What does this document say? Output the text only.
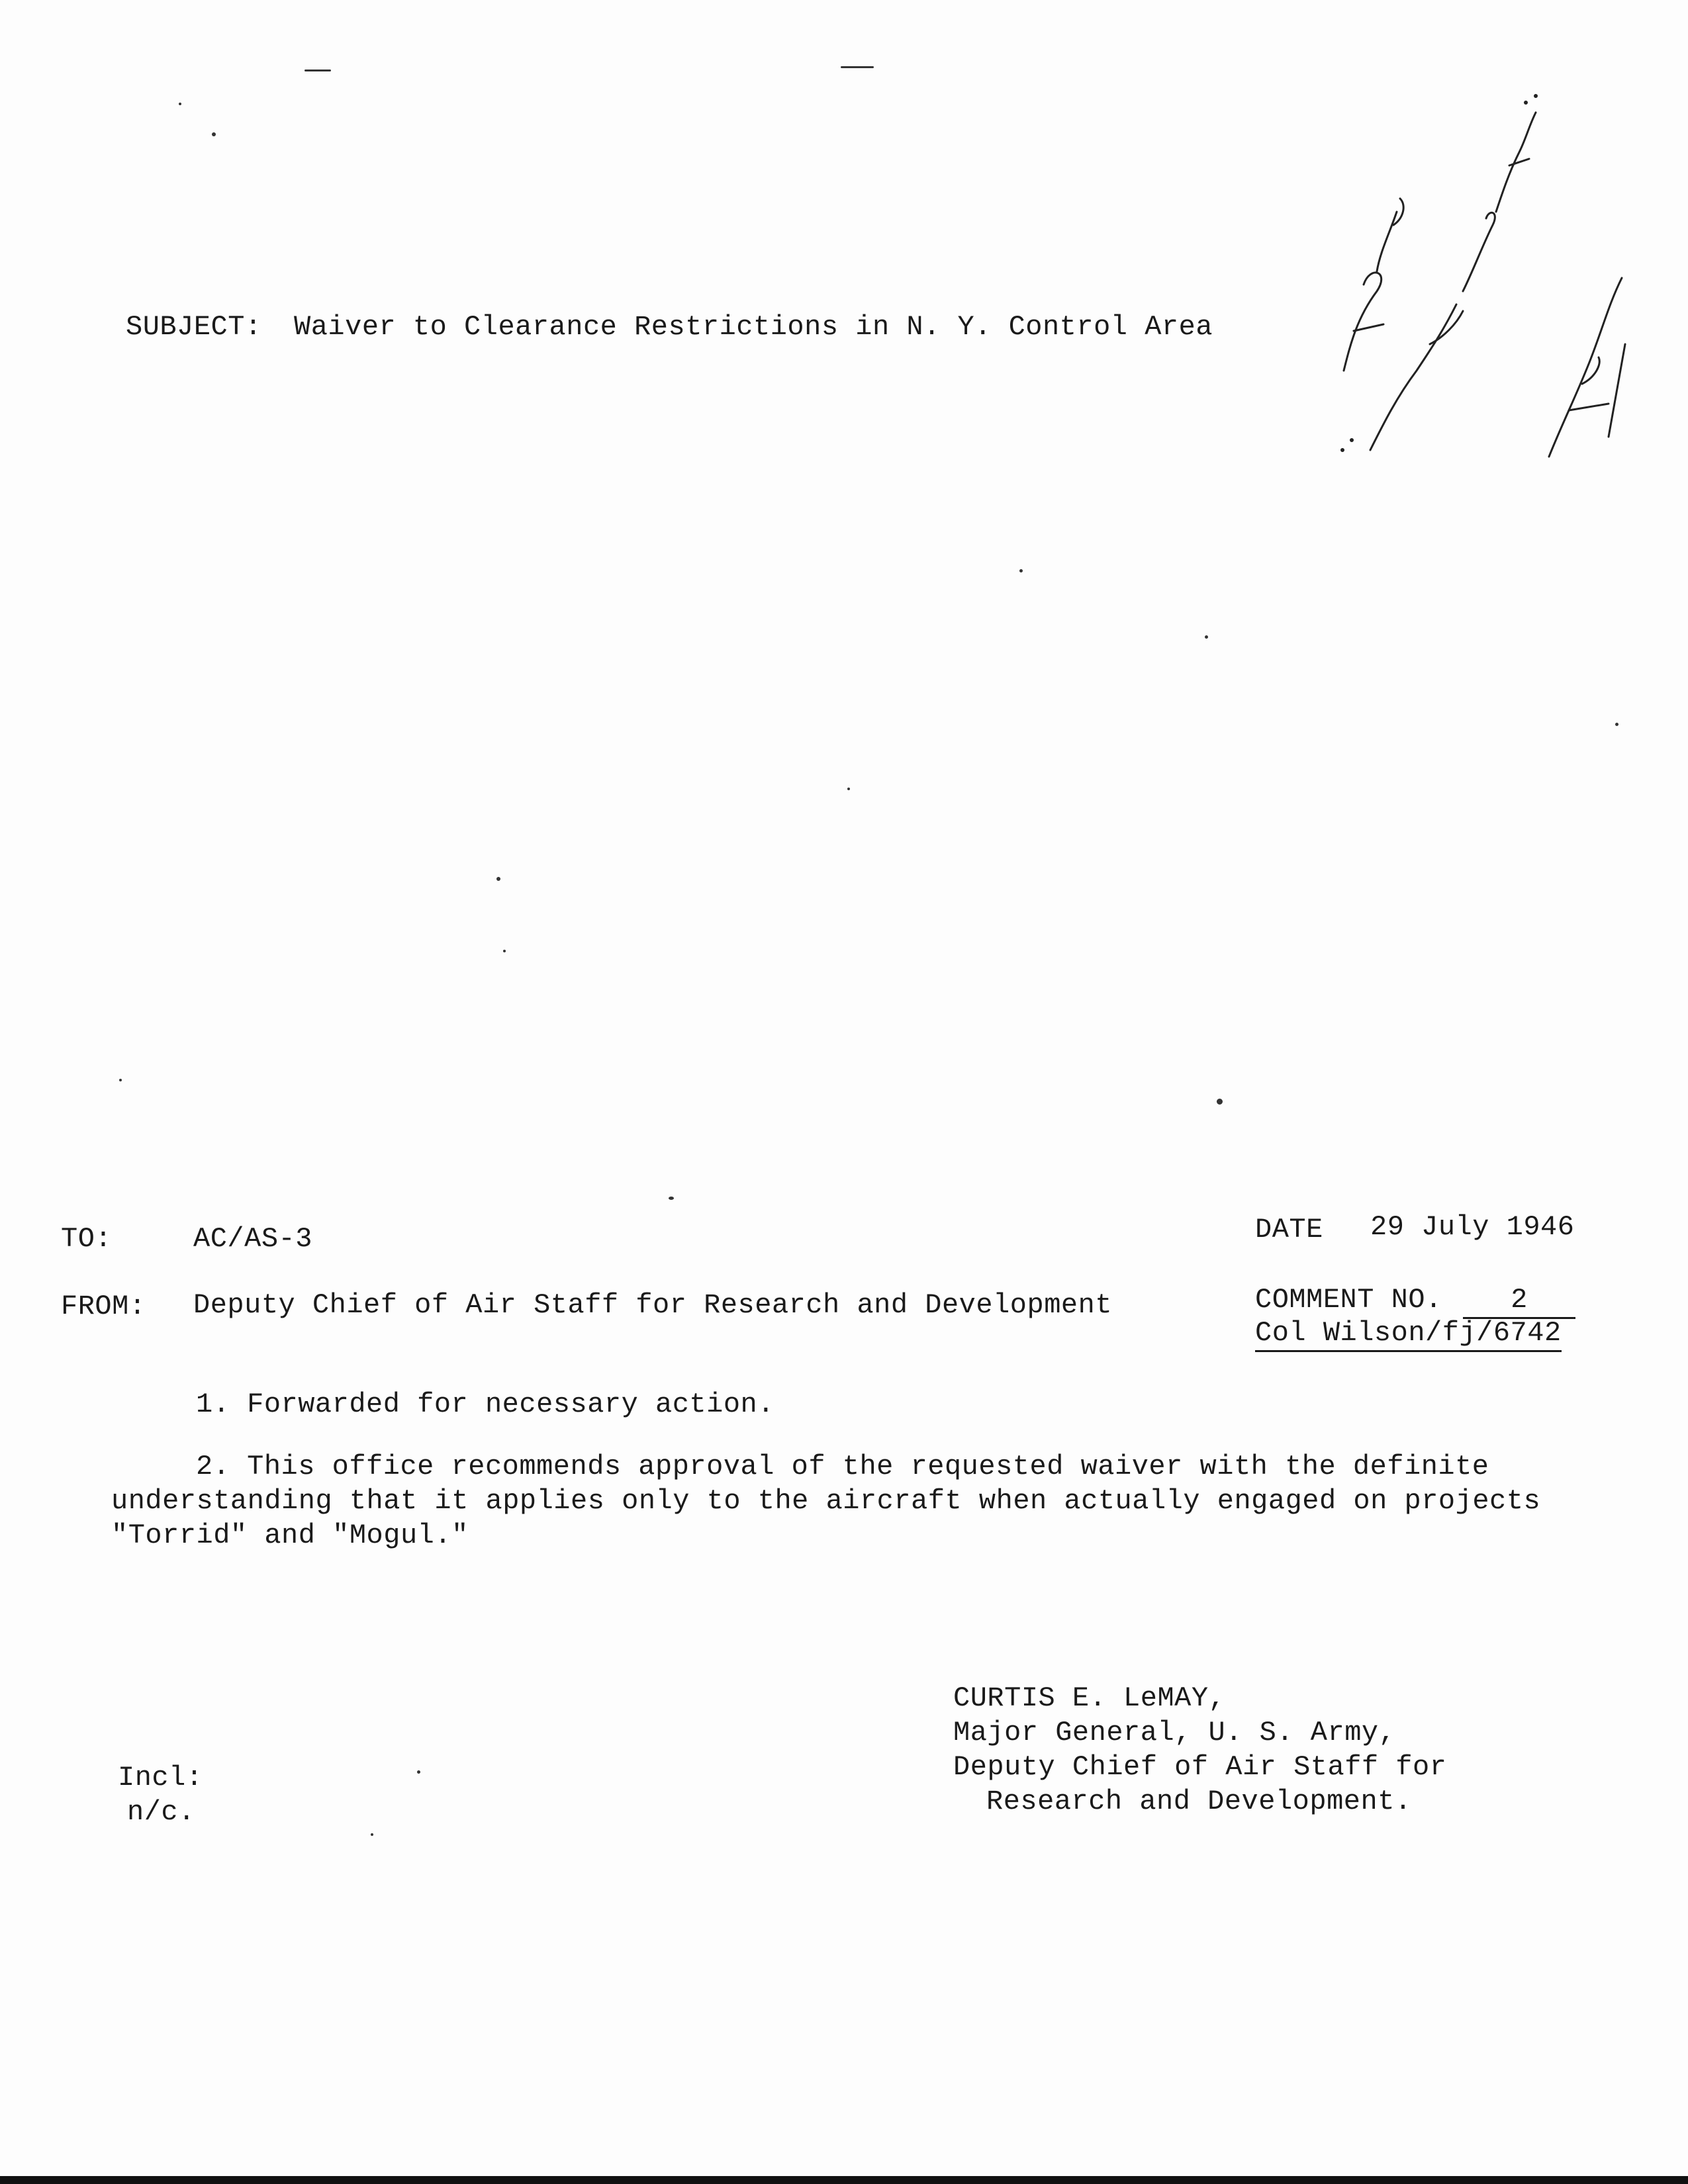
SUBJECT: Waiver to Clearance Restrictions in N. Y. Control Area
TO:	AC/AS-3
FROM: Deputy Chief of Air Staff for Research and Development
DATE 29 July 1946
COMMENT NO.	2
Col Wilson/fj/6742
1. Forwarded for necessary action.
2. This office recommends approval of the requested waiver with the definite
understanding that it applies only to the aircraft when actually engaged on projects
"Torrid" and "Mogul."
CURTIS E. LeMAY,
Major General, U. S. Army,
Deputy Chief of Air Staff for
Research and Development.
Incl:
n/c.
